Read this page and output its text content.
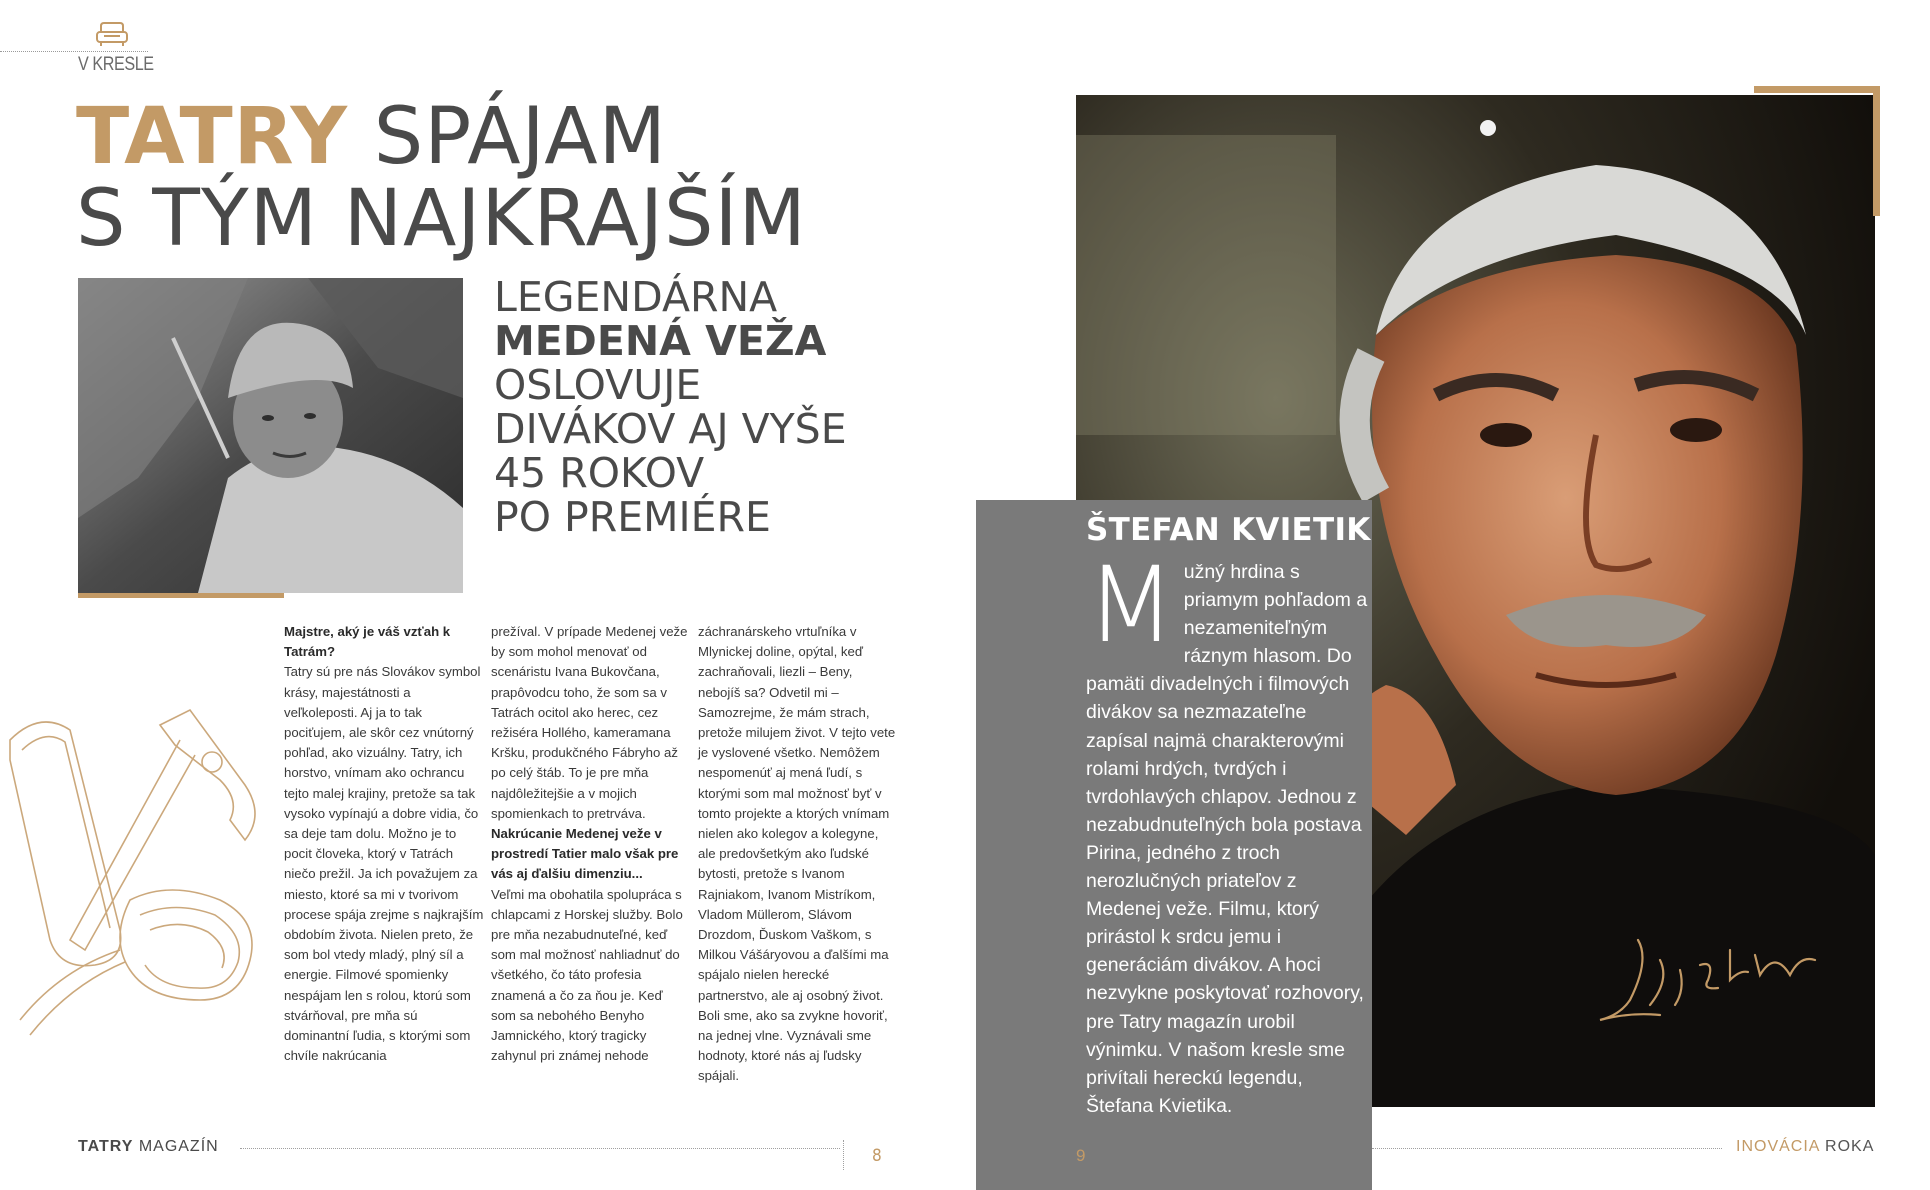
V KRESLE
TATRY SPÁJAM
S TÝM NAJKRAJŠÍM
LEGENDÁRNA
MEDENÁ VEŽA
OSLOVUJE
DIVÁKOV AJ VYŠE
45 ROKOV
PO PREMIÉRE

Majstre, aký je váš vzťah k Tatrám?

Tatry sú pre nás Slovákov symbol krásy, majestátnosti a veľkoleposti. Aj ja to tak pociťujem, ale skôr cez vnútorný pohľad, ako vizuálny. Tatry, ich horstvo, vnímam ako ochrancu tejto malej krajiny, pretože sa tak vysoko vypínajú a dobre vidia, čo sa deje tam dolu. Možno je to pocit človeka, ktorý v Tatrách niečo prežil. Ja ich považujem za miesto, ktoré sa mi v tvorivom procese spája zrejme s najkrajším obdobím života. Nielen preto, že som bol vtedy mladý, plný síl a energie. Filmové spomienky nespájam len s rolou, ktorú som stvárňoval, pre mňa sú dominantní ľudia, s ktorými som chvíle nakrúcania

prežíval. V prípade Medenej veže by som mohol menovať od scenáristu Ivana Bukovčana, prapôvodcu toho, že som sa v Tatrách ocitol ako herec, cez režiséra Hollého, kameramana Kršku, produkčného Fábryho až po celý štáb. To je pre mňa najdôležitejšie a v mojich spomienkach to pretrváva.

Nakrúcanie Medenej veže v prostredí Tatier malo však pre vás aj ďalšiu dimenziu...

Veľmi ma obohatila spolupráca s chlapcami z Horskej služby. Bolo pre mňa nezabudnuteľné, keď som mal možnosť nahliadnuť do všetkého, čo táto profesia znamená a čo za ňou je. Keď som sa nebohého Benyho Jamnického, ktorý tragicky zahynul pri známej nehode

záchranárskeho vrtuľníka v Mlynickej doline, opýtal, keď zachraňovali, liezli – Beny, nebojíš sa? Odvetil mi – Samozrejme, že mám strach, pretože milujem život. V tejto vete je vyslovené všetko. Nemôžem nespomenúť aj mená ľudí, s ktorými som mal možnosť byť v tomto projekte a ktorých vnímam nielen ako kolegov a kolegyne, ale predovšetkým ako ľudské bytosti, pretože s Ivanom Rajniakom, Ivanom Mistríkom, Vladom Müllerom, Slávom Drozdom, Ďuskom Vaškom, s Milkou Vášáryovou a ďalšími ma spájalo nielen herecké partnerstvo, ale aj osobný život. Boli sme, ako sa zvykne hovoriť, na jednej vlne. Vyznávali sme hodnoty, ktoré nás aj ľudsky spájali.

TATRY MAGAZÍN	8
ŠTEFAN KVIETIK
Mužný hrdina s priamym pohľadom a nezameniteľným ráznym hlasom. Do pamäti divadelných i filmových divákov sa nezmazateľne zapísal najmä charakterovými rolami hrdých, tvrdých i tvrdohlavých chlapov. Jednou z nezabudnuteľných bola postava Pirina, jedného z troch nerozlučných priateľov z Medenej veže. Filmu, ktorý prirástol k srdcu jemu i generáciám divákov. A hoci nezvykne poskytovať rozhovory, pre Tatry magazín urobil výnimku. V našom kresle sme privítali hereckú legendu, Štefana Kvietika.
9	INOVÁCIA ROKA
